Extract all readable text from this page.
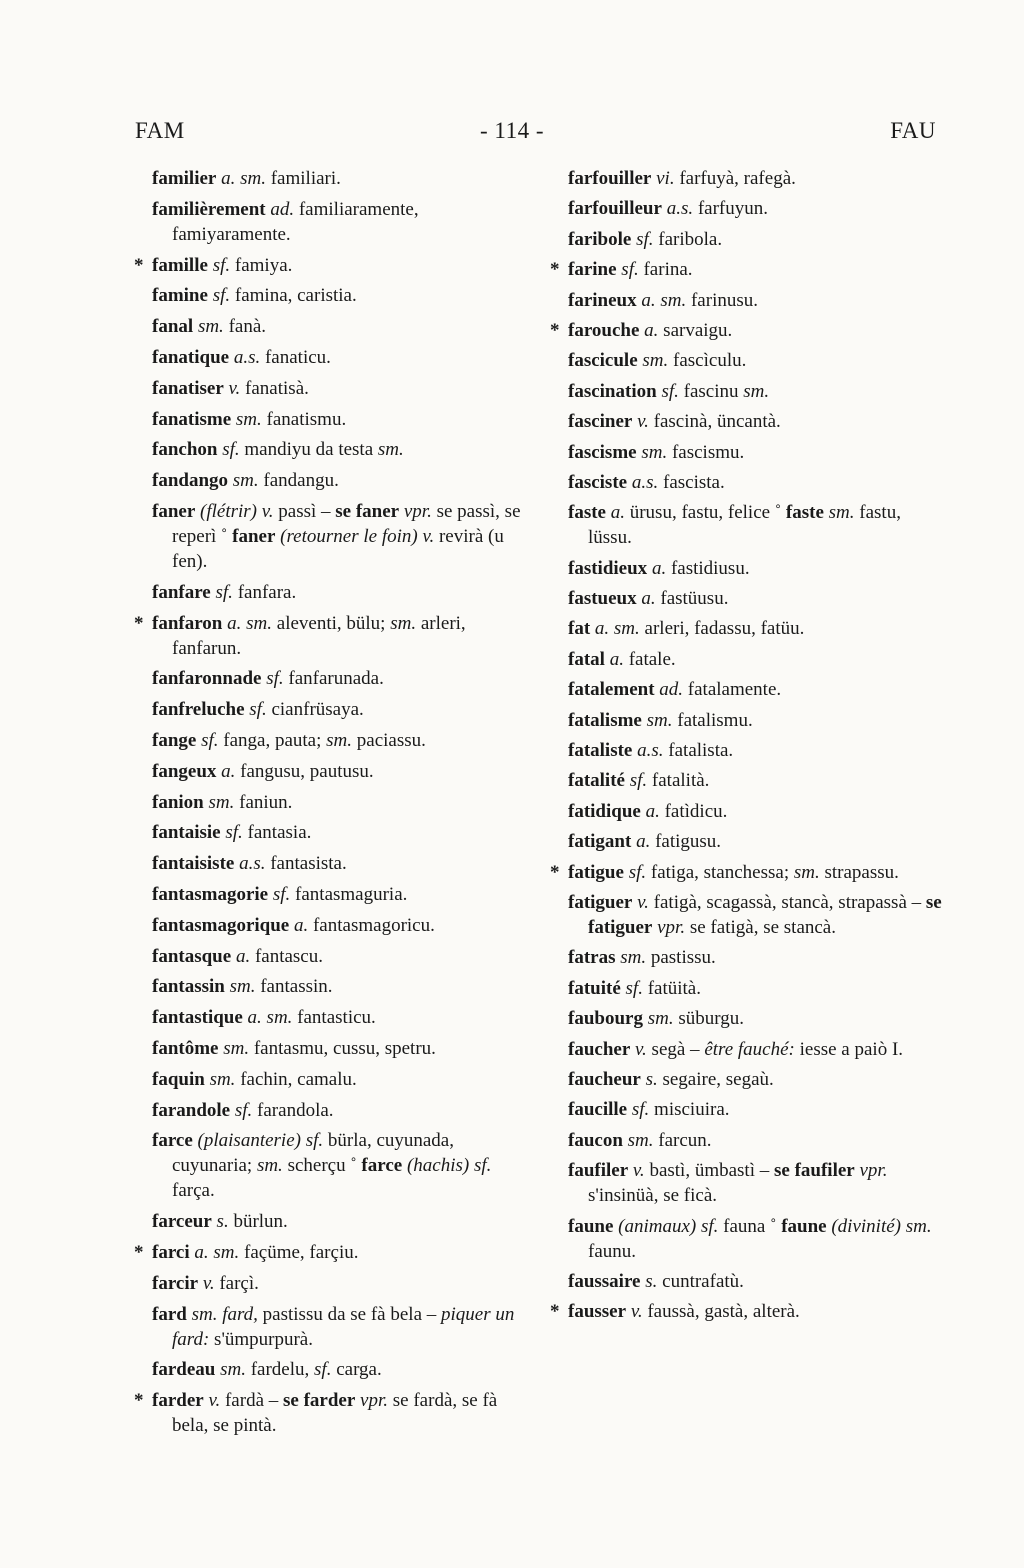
- 114 -
FAM	FAU
familier a. sm. familiari.
familièrement ad. familiaramente, famiyaramente.
* famille sf. famiya.
famine sf. famina, caristia.
fanal sm. fanà.
fanatique a.s. fanaticu.
fanatiser v. fanatisà.
fanatisme sm. fanatismu.
fanchon sf. mandiyu da testa sm.
fandango sm. fandangu.
faner (flétrir) v. passì – se faner vpr. se passì, se reperì ˚ faner (retourner le foin) v. revirà (u fen).
fanfare sf. fanfara.
* fanfaron a. sm. aleventi, bülu; sm. arleri, fanfarun.
fanfaronnade sf. fanfarunada.
fanfreluche sf. cianfrüsaya.
fange sf. fanga, pauta; sm. paciassu.
fangeux a. fangusu, pautusu.
fanion sm. faniun.
fantaisie sf. fantasia.
fantaisiste a.s. fantasista.
fantasmagorie sf. fantasmaguria.
fantasmagorique a. fantasmagoricu.
fantasque a. fantascu.
fantassin sm. fantassin.
fantastique a. sm. fantasticu.
fantôme sm. fantasmu, cussu, spetru.
faquin sm. fachin, camalu.
farandole sf. farandola.
farce (plaisanterie) sf. bürla, cuyunada, cuyunaria; sm. scherçu ˚ farce (hachis) sf. farça.
farceur s. bürlun.
* farci a. sm. façüme, farçiu.
farcir v. farçì.
fard sm. fard, pastissu da se fà bela – piquer un fard: s'ümpurpurà.
fardeau sm. fardelu, sf. carga.
* farder v. fardà – se farder vpr. se fardà, se fà bela, se pintà.
farfouiller vi. farfuyà, rafegà.
farfouilleur a.s. farfuyun.
faribole sf. faribola.
* farine sf. farina.
farineux a. sm. farinusu.
* farouche a. sarvaigu.
fascicule sm. fascìculu.
fascination sf. fascinu sm.
fasciner v. fascinà, üncantà.
fascisme sm. fascismu.
fasciste a.s. fascista.
faste a. ürusu, fastu, felice ˚ faste sm. fastu, lüssu.
fastidieux a. fastidiusu.
fastueux a. fastüusu.
fat a. sm. arleri, fadassu, fatüu.
fatal a. fatale.
fatalement ad. fatalamente.
fatalisme sm. fatalismu.
fataliste a.s. fatalista.
fatalité sf. fatalità.
fatidique a. fatìdicu.
fatigant a. fatigusu.
* fatigue sf. fatiga, stanchessa; sm. strapassu.
fatiguer v. fatigà, scagassà, stancà, strapassà – se fatiguer vpr. se fatigà, se stancà.
fatras sm. pastissu.
fatuité sf. fatüità.
faubourg sm. süburgu.
faucher v. segà – être fauché: iesse a paiò I.
faucheur s. segaire, segaù.
faucille sf. misciuira.
faucon sm. farcun.
faufiler v. bastì, ümbastì – se faufiler vpr. s'insinüà, se ficà.
faune (animaux) sf. fauna ˚ faune (divinité) sm. faunu.
faussaire s. cuntrafatù.
* fausser v. faussà, gastà, alterà.
